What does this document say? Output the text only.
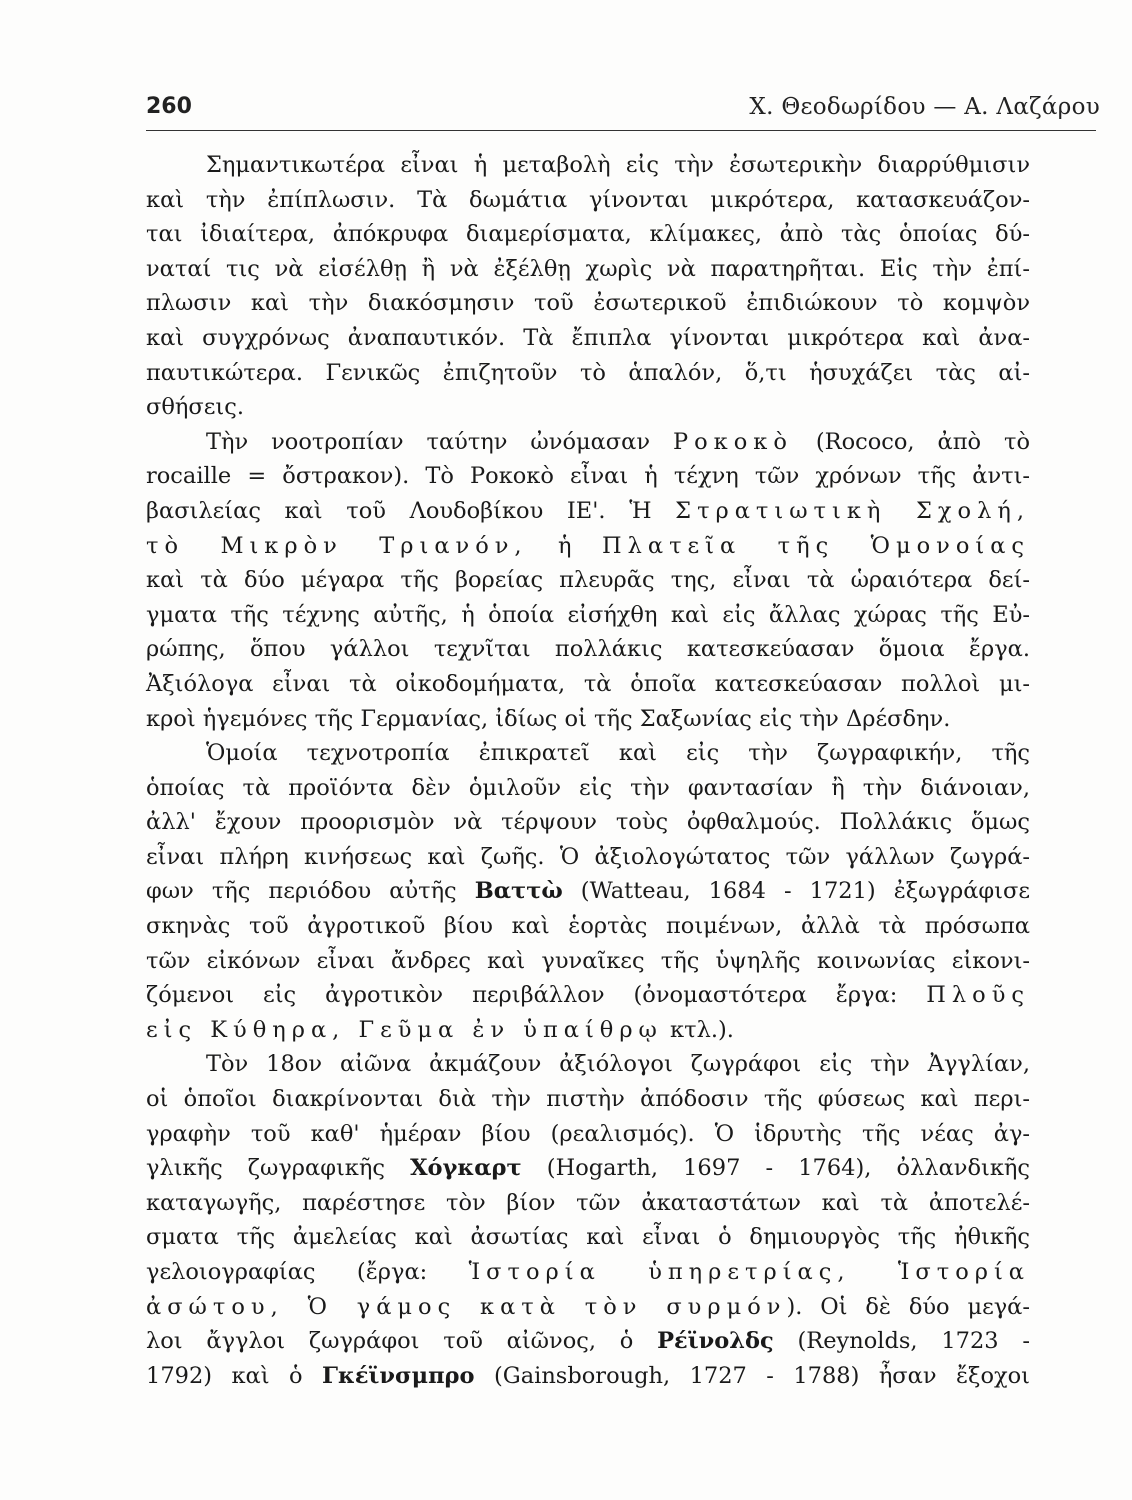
260	Χ. Θεοδωρίδου — Α. Λαζάρου
Σημαντικωτέρα εἶναι ἡ μεταβολὴ εἰς τὴν ἐσωτερικὴν διαρρύθμισιν
καὶ τὴν ἐπίπλωσιν. Τὰ δωμάτια γίνονται μικρότερα, κατασκευάζον-
ται ἰδιαίτερα, ἀπόκρυφα διαμερίσματα, κλίμακες, ἀπὸ τὰς ὁποίας δύ-
ναταί τις νὰ εἰσέλθῃ ἢ νὰ ἐξέλθῃ χωρὶς νὰ παρατηρῆται. Εἰς τὴν ἐπί-
πλωσιν καὶ τὴν διακόσμησιν τοῦ ἐσωτερικοῦ ἐπιδιώκουν τὸ κομψὸν
καὶ συγχρόνως ἀναπαυτικόν. Τὰ ἔπιπλα γίνονται μικρότερα καὶ ἀνα-
παυτικώτερα. Γενικῶς ἐπιζητοῦν τὸ ἁπαλόν, ὅ,τι ἡσυχάζει τὰς αἰ-
σθήσεις.
Τὴν νοοτροπίαν ταύτην ὠνόμασαν Ροκοκὸ (Rococo, ἀπὸ τὸ
rocaille = ὄστρακον). Τὸ Ροκοκὸ εἶναι ἡ τέχνη τῶν χρόνων τῆς ἀντι-
βασιλείας καὶ τοῦ Λουδοβίκου ΙΕ'. Ἡ Στρατιωτικὴ Σχολή,
τὸ Μικρὸν Τριανόν, ἡ Πλατεῖα τῆς Ὁμονοίας
καὶ τὰ δύο μέγαρα τῆς βορείας πλευρᾶς της, εἶναι τὰ ὡραιότερα δεί-
γματα τῆς τέχνης αὐτῆς, ἡ ὁποία εἰσήχθη καὶ εἰς ἄλλας χώρας τῆς Εὐ-
ρώπης, ὅπου γάλλοι τεχνῖται πολλάκις κατεσκεύασαν ὅμοια ἔργα.
Ἀξιόλογα εἶναι τὰ οἰκοδομήματα, τὰ ὁποῖα κατεσκεύασαν πολλοὶ μι-
κροὶ ἡγεμόνες τῆς Γερμανίας, ἰδίως οἱ τῆς Σαξωνίας εἰς τὴν Δρέσδην.
Ὁμοία τεχνοτροπία ἐπικρατεῖ καὶ εἰς τὴν ζωγραφικήν, τῆς
ὁποίας τὰ προϊόντα δὲν ὁμιλοῦν εἰς τὴν φαντασίαν ἢ τὴν διάνοιαν,
ἀλλ' ἔχουν προορισμὸν νὰ τέρψουν τοὺς ὀφθαλμούς. Πολλάκις ὅμως
εἶναι πλήρη κινήσεως καὶ ζωῆς. Ὁ ἀξιολογώτατος τῶν γάλλων ζωγρά-
φων τῆς περιόδου αὐτῆς Βαττὼ (Watteau, 1684 - 1721) ἐξωγράφισε
σκηνὰς τοῦ ἀγροτικοῦ βίου καὶ ἑορτὰς ποιμένων, ἀλλὰ τὰ πρόσωπα
τῶν εἰκόνων εἶναι ἄνδρες καὶ γυναῖκες τῆς ὑψηλῆς κοινωνίας εἰκονι-
ζόμενοι εἰς ἀγροτικὸν περιβάλλον (ὀνομαστότερα ἔργα: Πλοῦς
εἰς Κύθηρα, Γεῦμα ἐν ὑπαίθρῳ κτλ.).
Τὸν 18ον αἰῶνα ἀκμάζουν ἀξιόλογοι ζωγράφοι εἰς τὴν Ἀγγλίαν,
οἱ ὁποῖοι διακρίνονται διὰ τὴν πιστὴν ἀπόδοσιν τῆς φύσεως καὶ περι-
γραφὴν τοῦ καθ' ἡμέραν βίου (ρεαλισμός). Ὁ ἱδρυτὴς τῆς νέας ἀγ-
γλικῆς ζωγραφικῆς Χόγκαρτ (Hogarth, 1697 - 1764), ὀλλανδικῆς
καταγωγῆς, παρέστησε τὸν βίον τῶν ἀκαταστάτων καὶ τὰ ἀποτελέ-
σματα τῆς ἀμελείας καὶ ἀσωτίας καὶ εἶναι ὁ δημιουργὸς τῆς ἠθικῆς
γελοιογραφίας (ἔργα: Ἱστορία ὑπηρετρίας, Ἱστορία
ἀσώτου, Ὁ γάμος κατὰ τὸν συρμόν). Οἱ δὲ δύο μεγά-
λοι ἄγγλοι ζωγράφοι τοῦ αἰῶνος, ὁ Ρέϊνολδς (Reynolds, 1723 -
1792) καὶ ὁ Γκέϊνσμπρο (Gainsborough, 1727 - 1788) ἦσαν ἔξοχοι
